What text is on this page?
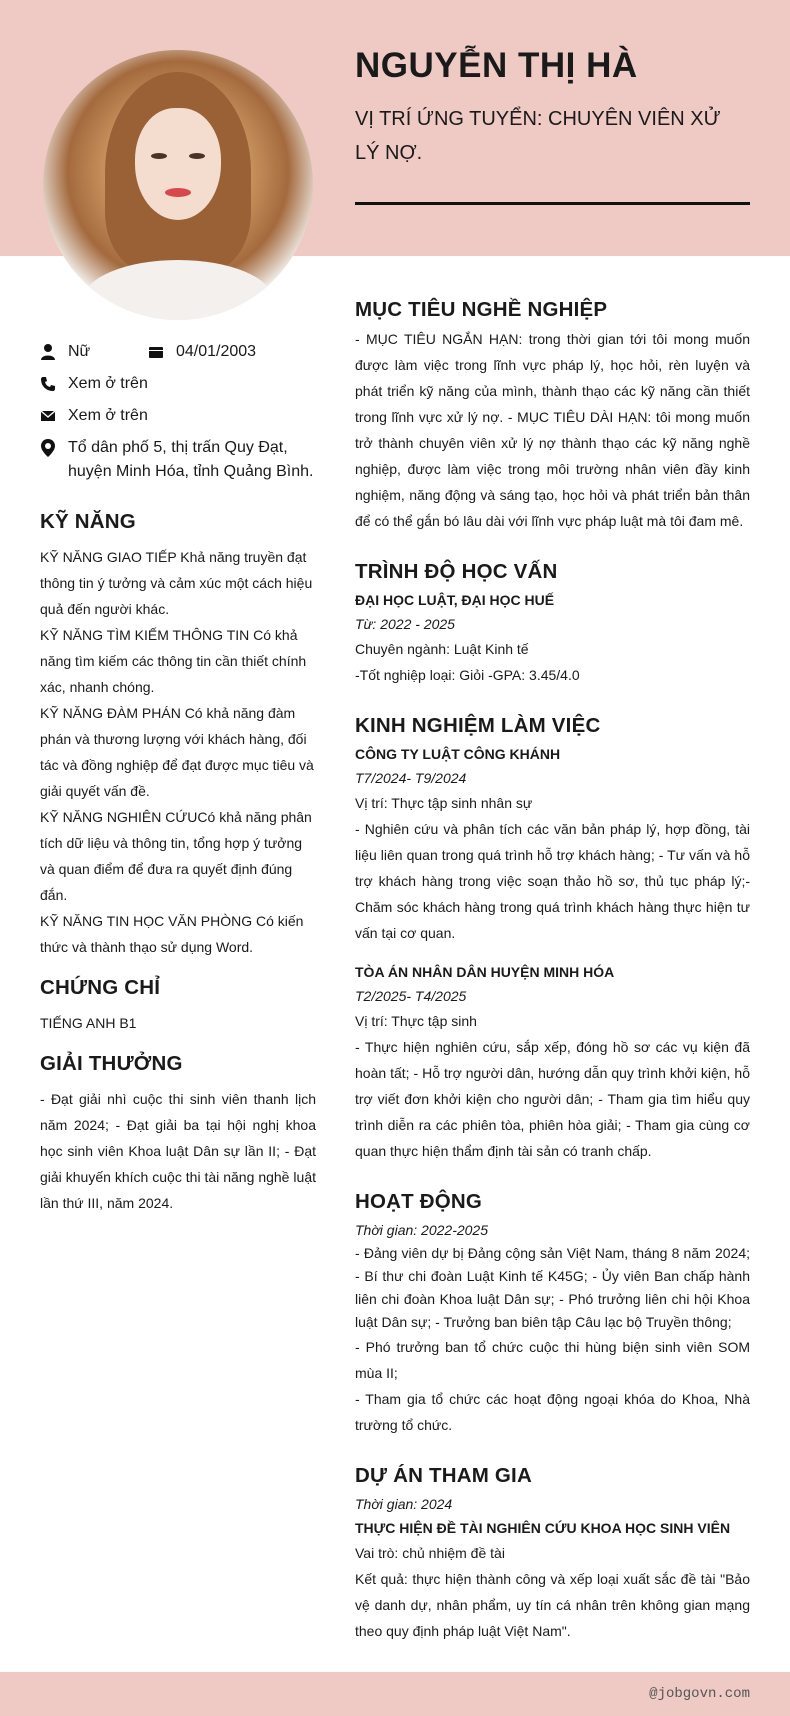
NGUYỄN THỊ HÀ

VỊ TRÍ ỨNG TUYỂN: CHUYÊN VIÊN XỬ LÝ NỢ.

Nữ	04/01/2003
Xem ở trên
Xem ở trên
Tổ dân phố 5, thị trấn Quy Đạt, huyện Minh Hóa, tỉnh Quảng Bình.
KỸ NĂNG

KỸ NĂNG GIAO TIẾP Khả năng truyền đạt thông tin ý tưởng và cảm xúc một cách hiệu quả đến người khác.

KỸ NĂNG TÌM KIẾM THÔNG TIN Có khả năng tìm kiếm các thông tin cần thiết chính xác, nhanh chóng.

KỸ NĂNG ĐÀM PHÁN Có khả năng đàm phán và thương lượng với khách hàng, đối tác và đồng nghiệp để đạt được mục tiêu và giải quyết vấn đề.

KỸ NĂNG NGHIÊN CỨUCó khả năng phân tích dữ liệu và thông tin, tổng hợp ý tưởng và quan điểm để đưa ra quyết định đúng đắn.

KỸ NĂNG TIN HỌC VĂN PHÒNG Có kiến thức và thành thạo sử dụng Word.

CHỨNG CHỈ

TIẾNG ANH B1

GIẢI THƯỞNG

- Đạt giải nhì cuộc thi sinh viên thanh lịch năm 2024; - Đạt giải ba tại hội nghị khoa học sinh viên Khoa luật Dân sự lần II; - Đạt giải khuyến khích cuộc thi tài năng nghề luật lần thứ III, năm 2024.

MỤC TIÊU NGHỀ NGHIỆP

- MỤC TIÊU NGẮN HẠN: trong thời gian tới tôi mong muốn được làm việc trong lĩnh vực pháp lý, học hỏi, rèn luyện và phát triển kỹ năng của mình, thành thạo các kỹ năng cần thiết trong lĩnh vực xử lý nợ. - MỤC TIÊU DÀI HẠN: tôi mong muốn trở thành chuyên viên xử lý nợ thành thạo các kỹ năng nghề nghiệp, được làm việc trong môi trường nhân viên đầy kinh nghiệm, năng động và sáng tạo, học hỏi và phát triển bản thân để có thể gắn bó lâu dài với lĩnh vực pháp luật mà tôi đam mê.

TRÌNH ĐỘ HỌC VẤN

ĐẠI HỌC LUẬT, ĐẠI HỌC HUẾ

Từ: 2022 - 2025

Chuyên ngành: Luật Kinh tế

-Tốt nghiệp loại: Giỏi -GPA: 3.45/4.0

KINH NGHIỆM LÀM VIỆC

CÔNG TY LUẬT CÔNG KHÁNH

T7/2024- T9/2024

Vị trí: Thực tập sinh nhân sự

- Nghiên cứu và phân tích các văn bản pháp lý, hợp đồng, tài liệu liên quan trong quá trình hỗ trợ khách hàng; - Tư vấn và hỗ trợ khách hàng trong việc soạn thảo hồ sơ, thủ tục pháp lý;- Chăm sóc khách hàng trong quá trình khách hàng thực hiện tư vấn tại cơ quan.

TÒA ÁN NHÂN DÂN HUYỆN MINH HÓA

T2/2025- T4/2025

Vị trí: Thực tập sinh

- Thực hiện nghiên cứu, sắp xếp, đóng hồ sơ các vụ kiện đã hoàn tất; - Hỗ trợ người dân, hướng dẫn quy trình khởi kiện, hỗ trợ viết đơn khởi kiện cho người dân; - Tham gia tìm hiểu quy trình diễn ra các phiên tòa, phiên hòa giải; - Tham gia cùng cơ quan thực hiện thẩm định tài sản có tranh chấp.

HOẠT ĐỘNG

Thời gian: 2022-2025

- Đảng viên dự bị Đảng cộng sản Việt Nam, tháng 8 năm 2024; - Bí thư chi đoàn Luật Kinh tế K45G; - Ủy viên Ban chấp hành liên chi đoàn Khoa luật Dân sự; - Phó trưởng liên chi hội Khoa luật Dân sự; - Trưởng ban biên tập Câu lạc bộ Truyền thông;

- Phó trưởng ban tổ chức cuộc thi hùng biện sinh viên SOM mùa II;

- Tham gia tổ chức các hoạt động ngoại khóa do Khoa, Nhà trường tổ chức.

DỰ ÁN THAM GIA

Thời gian: 2024

THỰC HIỆN ĐỀ TÀI NGHIÊN CỨU KHOA HỌC SINH VIÊN

Vai trò: chủ nhiệm đề tài

Kết quả: thực hiện thành công và xếp loại xuất sắc đề tài "Bảo vệ danh dự, nhân phẩm, uy tín cá nhân trên không gian mạng theo quy định pháp luật Việt Nam".

@jobgovn.com
